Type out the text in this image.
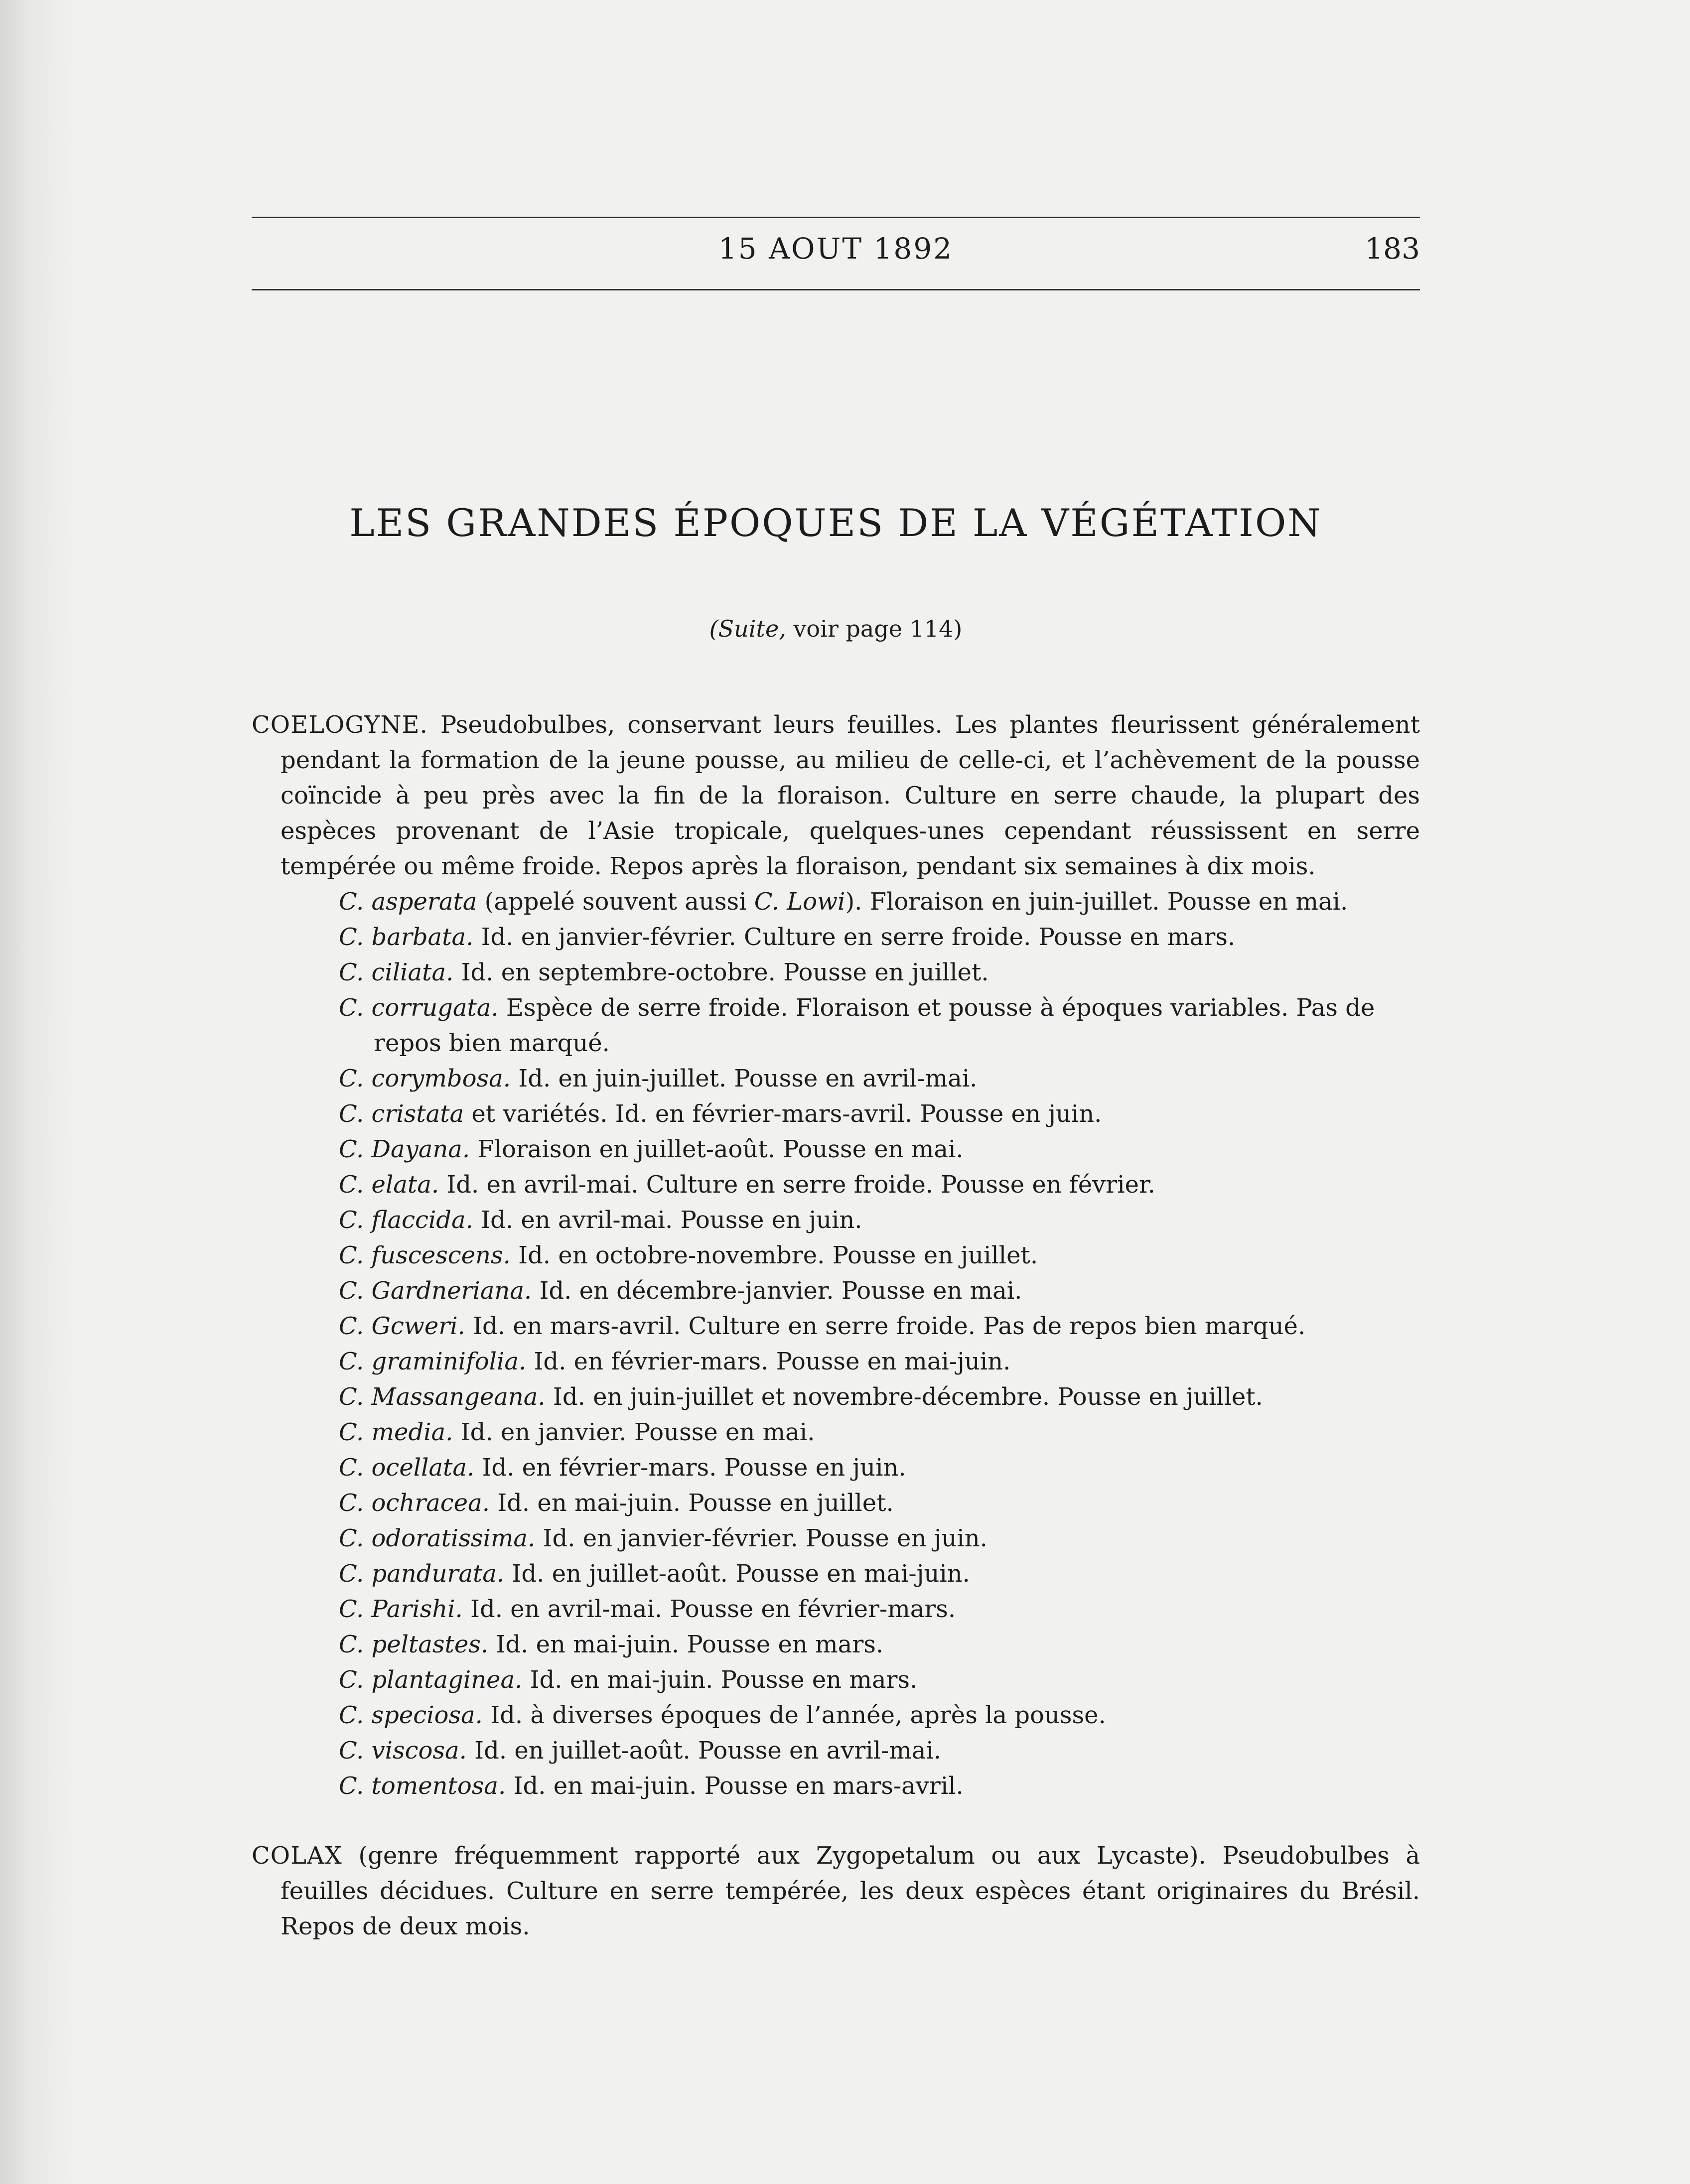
15 AOUT 1892	183
LES GRANDES ÉPOQUES DE LA VÉGÉTATION
(Suite, voir page 114)

COELOGYNE. Pseudobulbes, conservant leurs feuilles. Les plantes fleurissent généralement pendant la formation de la jeune pousse, au milieu de celle-ci, et l’achèvement de la pousse coïncide à peu près avec la fin de la floraison. Culture en serre chaude, la plupart des espèces provenant de l’Asie tropicale, quelques-unes cependant réussissent en serre tempérée ou même froide. Repos après la floraison, pendant six semaines à dix mois.

C. asperata (appelé souvent aussi C. Lowi). Floraison en juin-juillet. Pousse en mai.
C. barbata. Id. en janvier-février. Culture en serre froide. Pousse en mars.
C. ciliata. Id. en septembre-octobre. Pousse en juillet.
C. corrugata. Espèce de serre froide. Floraison et pousse à époques variables. Pas de repos bien marqué.
C. corymbosa. Id. en juin-juillet. Pousse en avril-mai.
C. cristata et variétés. Id. en février-mars-avril. Pousse en juin.
C. Dayana. Floraison en juillet-août. Pousse en mai.
C. elata. Id. en avril-mai. Culture en serre froide. Pousse en février.
C. flaccida. Id. en avril-mai. Pousse en juin.
C. fuscescens. Id. en octobre-novembre. Pousse en juillet.
C. Gardneriana. Id. en décembre-janvier. Pousse en mai.
C. Gcweri. Id. en mars-avril. Culture en serre froide. Pas de repos bien marqué.
C. graminifolia. Id. en février-mars. Pousse en mai-juin.
C. Massangeana. Id. en juin-juillet et novembre-décembre. Pousse en juillet.
C. media. Id. en janvier. Pousse en mai.
C. ocellata. Id. en février-mars. Pousse en juin.
C. ochracea. Id. en mai-juin. Pousse en juillet.
C. odoratissima. Id. en janvier-février. Pousse en juin.
C. pandurata. Id. en juillet-août. Pousse en mai-juin.
C. Parishi. Id. en avril-mai. Pousse en février-mars.
C. peltastes. Id. en mai-juin. Pousse en mars.
C. plantaginea. Id. en mai-juin. Pousse en mars.
C. speciosa. Id. à diverses époques de l’année, après la pousse.
C. viscosa. Id. en juillet-août. Pousse en avril-mai.
C. tomentosa. Id. en mai-juin. Pousse en mars-avril.

COLAX (genre fréquemment rapporté aux Zygopetalum ou aux Lycaste). Pseudobulbes à feuilles décidues. Culture en serre tempérée, les deux espèces étant originaires du Brésil. Repos de deux mois.
